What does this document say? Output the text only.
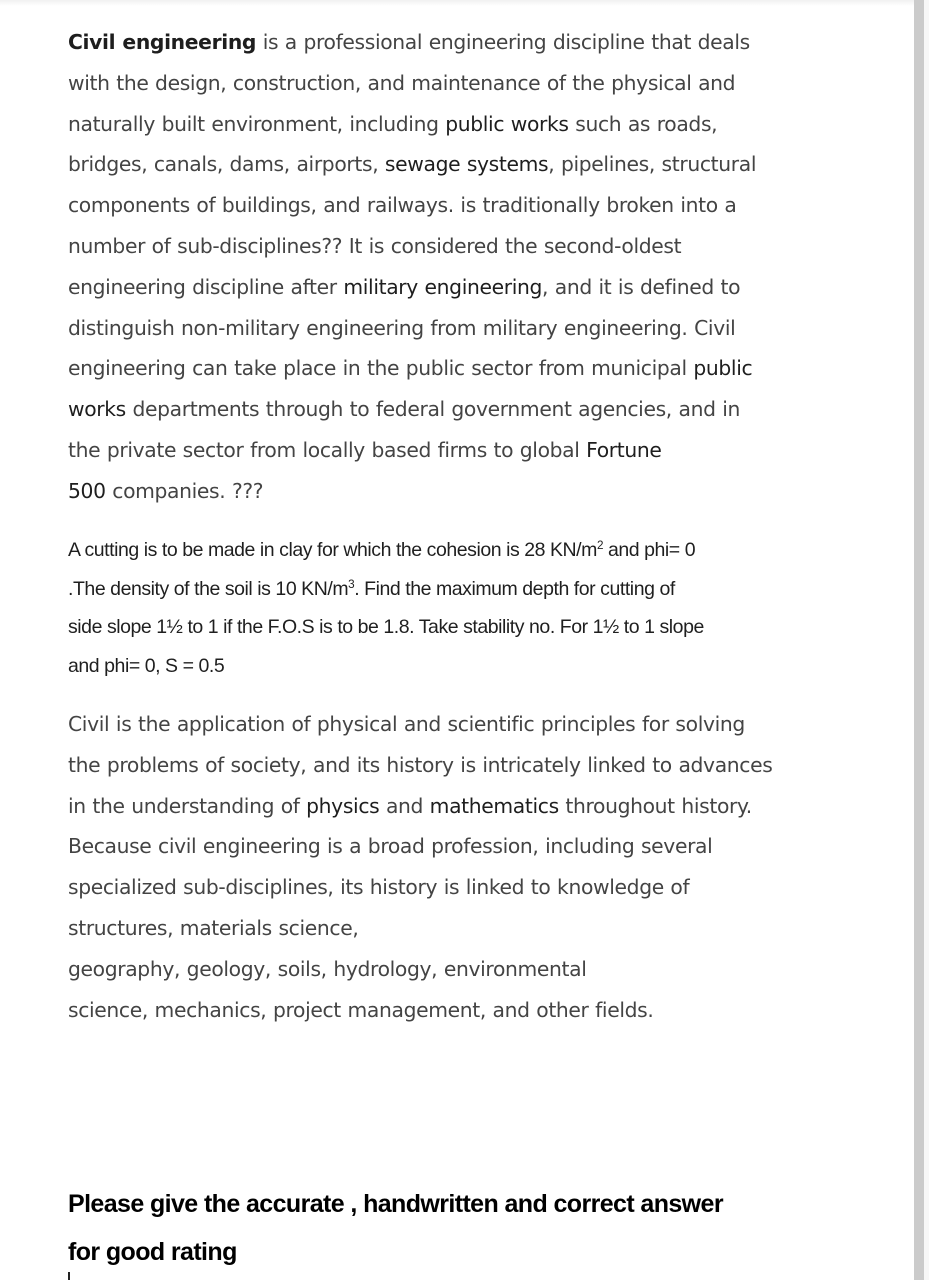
Civil engineering is a professional engineering discipline that deals
with the design, construction, and maintenance of the physical and
naturally built environment, including public works such as roads,
bridges, canals, dams, airports, sewage systems, pipelines, structural
components of buildings, and railways. is traditionally broken into a
number of sub-disciplines?? It is considered the second-oldest
engineering discipline after military engineering, and it is defined to
distinguish non-military engineering from military engineering. Civil
engineering can take place in the public sector from municipal public
works departments through to federal government agencies, and in
the private sector from locally based firms to global Fortune
500 companies. ???

A cutting is to be made in clay for which the cohesion is 28 $KN/m^2$ and phi= 0
.The density of the soil is 10 $KN/m^3$. Find the maximum depth for cutting of
side slope 1½ to 1 if the F.O.S is to be 1.8. Take stability no. For 1½ to 1 slope
and phi= 0, S = 0.5

Civil is the application of physical and scientific principles for solving
the problems of society, and its history is intricately linked to advances
in the understanding of physics and mathematics throughout history.
Because civil engineering is a broad profession, including several
specialized sub-disciplines, its history is linked to knowledge of
structures, materials science,
geography, geology, soils, hydrology, environmental
science, mechanics, project management, and other fields.

Please give the accurate , handwritten and correct answer
for good rating
